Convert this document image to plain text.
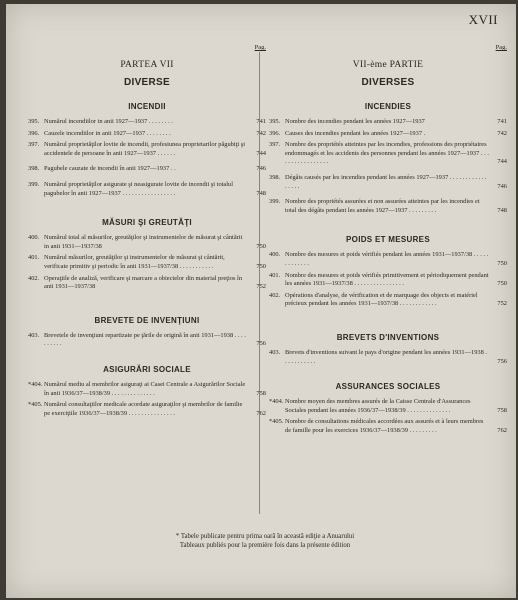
XVII
Pag.
PARTEA VII
DIVERSE
INCENDII
395. Numărul incendiilor in anii 1927—1937 . . . . . . . .	741
396. Cauzele incendiilor in anii 1927—1937 . . . . . . . .	742
397. Numărul proprietăţilor lovite de incendii, profesiunea proprietarilor păgubiţi şi accidentele de persoane în anii 1927—1937 . . . . . .	744
398. Pagubele cauzate de incendii în anii 1927—1937 . .	746
399. Numărul proprietăţilor asigurate şi neasigurate lovite de incendii şi totalul pagubelor în anii 1927—1937 . . . . . . . . . . . . . . . . .	748
MĂSURI ŞI GREUTĂŢI
400. Numărul total al măsurilor, greutăţilor şi instrumentelor de măsurat şi cântărit in anii 1931—1937/38	750
401. Numărul măsurilor, greutăţilor şi instrumentelor de măsurat şi cântărit, verificate primitiv şi periodic în anii 1931—1937/38 . . . . . . . . . . .	750
402. Operaţiile de analiză, verificare şi marcare a obiectelor din material preţios în anii 1931—1937/38	752
BREVETE DE INVENŢIUNI
403. Brevetele de invenţiuni repartizate pe ţările de origină în anii 1931—1938 . . . . . . . . . .	756
ASIGURĂRI SOCIALE
*404. Numărul mediu al membrilor asiguraţi ai Casei Centrale a Asigurărilor Sociale în anii 1936/37—1938/39 . . . . . . . . . . . . . .	758
*405. Numărul consultaţiilor medicale acordate asiguraţilor şi membrilor de familie pe exerciţiile 1936/37—1938/39 . . . . . . . . . . . . . . .	762
Pag.
VII-ème PARTIE
DIVERSES
INCENDIES
395. Nombre des incendies pendant les années 1927—1937	741
396. Causes des incendies pendant les années 1927—1937 .	742
397. Nombre des propriétés atteintes par les incendies, professions des propriétaires endommagés et les accidents des personnes pendant les années 1927—1937 . . . . . . . . . . . . . . . . .	744
398. Dégâts causés par les incendies pendant les années 1927—1937 . . . . . . . . . . . . . . . . .	746
399. Nombre des propriétés assurées et non assurées atteintes par les incendies et total des dégâts pendant les années 1927—1937 . . . . . . . . .	748
POIDS ET MESURES
400. Nombre des mesures et poids vérifiés pendant les années 1931—1937/38 . . . . . . . . . . . . .	750
401. Nombre des mesures et poids vérifiés primitivement et périodiquement pendant les années 1931—1937/38 . . . . . . . . . . . . . . . .	750
402. Opérations d'analyse, de vérification et de marquage des objects et matériel précieux pendant les années 1931—1937/38 . . . . . . . . . . . .	752
BREVETS D'INVENTIONS
403. Brevets d'inventions suivant le pays d'origine pendant les années 1931—1938 . . . . . . . . . . .	756
ASSURANCES SOCIALES
*404. Nombre moyen des membres assurés de la Caisse Centrale d'Assurances Sociales pendant les années 1936/37—1938/39 . . . . . . . . . . . . . .	758
*405. Nombre de consultations médicales accordées aux assurés et à leurs membres de famille pour les exercices 1936/37—1938/39 . . . . . . . . .	762
* Tabele publicate pentru prima oară în această ediţie a Anuarului
Tableaux publiés pour la première fois dans la présente édition
